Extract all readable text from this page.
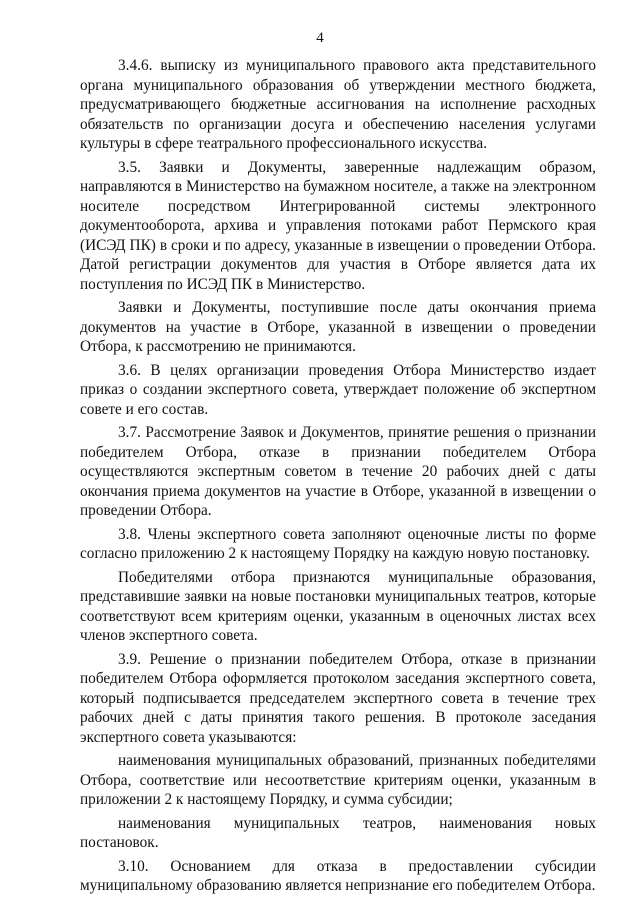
4

3.4.6. выписку из муниципального правового акта представительного органа муниципального образования об утверждении местного бюджета, предусматривающего бюджетные ассигнования на исполнение расходных обязательств по организации досуга и обеспечению населения услугами культуры в сфере театрального профессионального искусства.

3.5. Заявки и Документы, заверенные надлежащим образом, направляются в Министерство на бумажном носителе, а также на электронном носителе посредством Интегрированной системы электронного документооборота, архива и управления потоками работ Пермского края (ИСЭД ПК) в сроки и по адресу, указанные в извещении о проведении Отбора. Датой регистрации документов для участия в Отборе является дата их поступления по ИСЭД ПК в Министерство.

Заявки и Документы, поступившие после даты окончания приема документов на участие в Отборе, указанной в извещении о проведении Отбора, к рассмотрению не принимаются.

3.6. В целях организации проведения Отбора Министерство издает приказ о создании экспертного совета, утверждает положение об экспертном совете и его состав.

3.7. Рассмотрение Заявок и Документов, принятие решения о признании победителем Отбора, отказе в признании победителем Отбора осуществляются экспертным советом в течение 20 рабочих дней с даты окончания приема документов на участие в Отборе, указанной в извещении о проведении Отбора.

3.8. Члены экспертного совета заполняют оценочные листы по форме согласно приложению 2 к настоящему Порядку на каждую новую постановку.

Победителями отбора признаются муниципальные образования, представившие заявки на новые постановки муниципальных театров, которые соответствуют всем критериям оценки, указанным в оценочных листах всех членов экспертного совета.

3.9. Решение о признании победителем Отбора, отказе в признании победителем Отбора оформляется протоколом заседания экспертного совета, который подписывается председателем экспертного совета в течение трех рабочих дней с даты принятия такого решения. В протоколе заседания экспертного совета указываются:

наименования муниципальных образований, признанных победителями Отбора, соответствие или несоответствие критериям оценки, указанным в приложении 2 к настоящему Порядку, и сумма субсидии;

наименования муниципальных театров, наименования новых постановок.

3.10. Основанием для отказа в предоставлении субсидии муниципальному образованию является непризнание его победителем Отбора.
